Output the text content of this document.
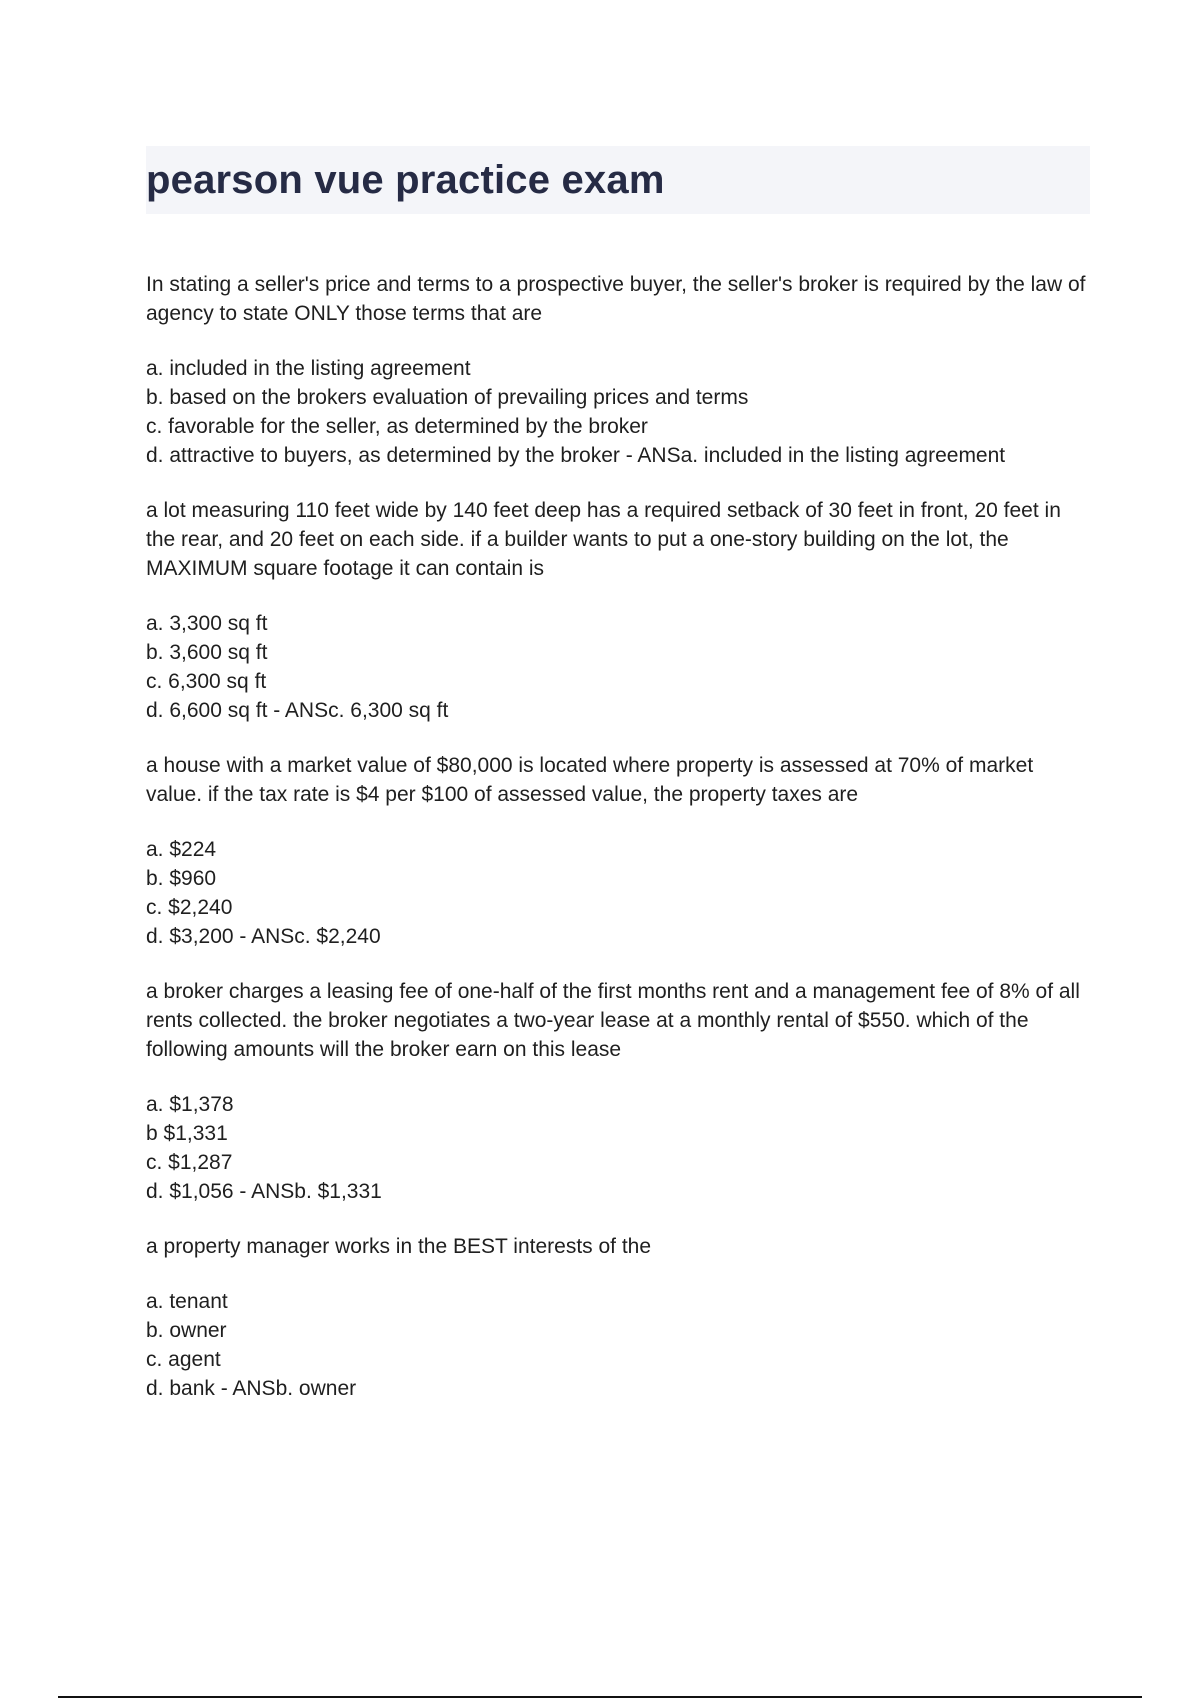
pearson vue practice exam

In stating a seller's price and terms to a prospective buyer, the seller's broker is required by the law of agency to state ONLY those terms that are

a. included in the listing agreement
b. based on the brokers evaluation of prevailing prices and terms
c. favorable for the seller, as determined by the broker
d. attractive to buyers, as determined by the broker - ANSa. included in the listing agreement

a lot measuring 110 feet wide by 140 feet deep has a required setback of 30 feet in front, 20 feet in the rear, and 20 feet on each side. if a builder wants to put a one-story building on the lot, the MAXIMUM square footage it can contain is

a. 3,300 sq ft
b. 3,600 sq ft
c. 6,300 sq ft
d. 6,600 sq ft - ANSc. 6,300 sq ft

a house with a market value of $80,000 is located where property is assessed at 70% of market value. if the tax rate is $4 per $100 of assessed value, the property taxes are

a. $224
b. $960
c. $2,240
d. $3,200 - ANSc. $2,240

a broker charges a leasing fee of one-half of the first months rent and a management fee of 8% of all rents collected. the broker negotiates a two-year lease at a monthly rental of $550. which of the following amounts will the broker earn on this lease

a. $1,378
b $1,331
c. $1,287
d. $1,056 - ANSb. $1,331

a property manager works in the BEST interests of the

a. tenant
b. owner
c. agent
d. bank - ANSb. owner
